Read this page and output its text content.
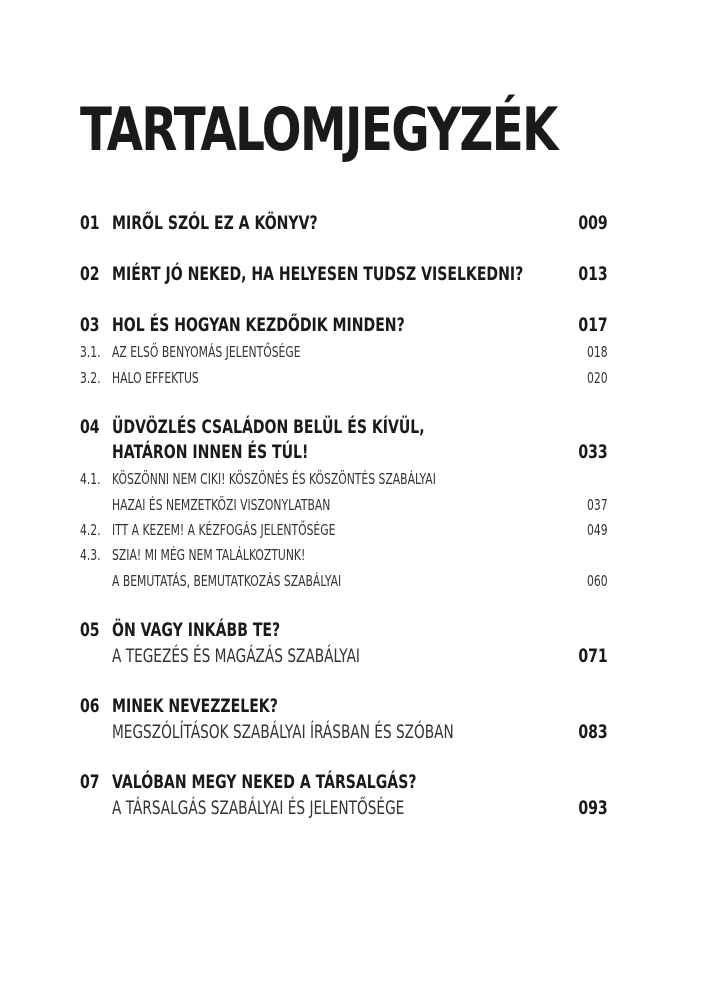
TARTALOMJEGYZÉK
01 MIRŐL SZÓL EZ A KÖNYV?	009
02 MIÉRT JÓ NEKED, HA HELYESEN TUDSZ VISELKEDNI?	013
03 HOL ÉS HOGYAN KEZDŐDIK MINDEN?	017
3.1. AZ ELSŐ BENYOMÁS JELENTŐSÉGE	018
3.2. HALO EFFEKTUS	020
04 ÜDVÖZLÉS CSALÁDON BELÜL ÉS KÍVÜL,
HATÁRON INNEN ÉS TÚL!	033
4.1. KÖSZÖNNI NEM CIKI! KÖSZÖNÉS ÉS KÖSZÖNTÉS SZABÁLYAI
HAZAI ÉS NEMZETKÖZI VISZONYLATBAN	037
4.2. ITT A KEZEM! A KÉZFOGÁS JELENTŐSÉGE	049
4.3. SZIA! MI MÉG NEM TALÁLKOZTUNK!
A BEMUTATÁS, BEMUTATKOZÁS SZABÁLYAI	060
05 ÖN VAGY INKÁBB TE?
A TEGEZÉS ÉS MAGÁZÁS SZABÁLYAI	071
06 MINEK NEVEZZELEK?
MEGSZÓLÍTÁSOK SZABÁLYAI ÍRÁSBAN ÉS SZÓBAN	083
07 VALÓBAN MEGY NEKED A TÁRSALGÁS?
A TÁRSALGÁS SZABÁLYAI ÉS JELENTŐSÉGE	093
